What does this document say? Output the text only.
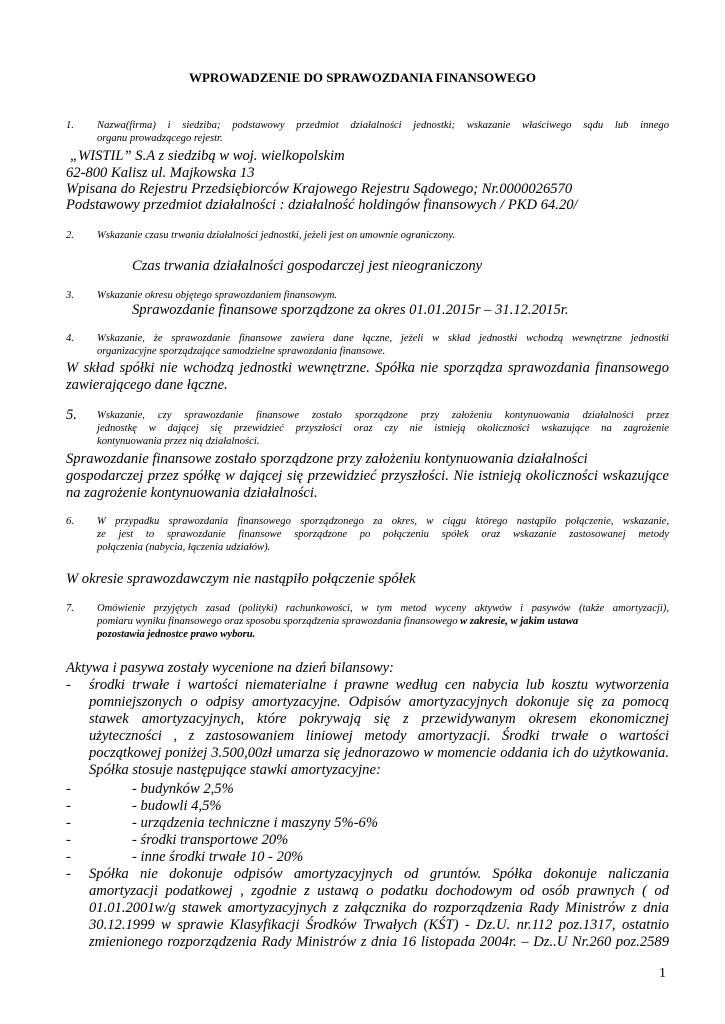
WPROWADZENIE DO SPRAWOZDANIA FINANSOWEGO
1. Nazwa(firma) i siedziba; podstawowy przedmiot działalności jednostki; wskazanie właściwego sądu lub innego
organu prowadzącego rejestr.
„WISTIL” S.A z siedzibą w woj. wielkopolskim
62-800 Kalisz ul. Majkowska 13
Wpisana do Rejestru Przedsiębiorców Krajowego Rejestru Sądowego; Nr.0000026570
Podstawowy przedmiot działalności : działalność holdingów finansowych / PKD 64.20/
2. Wskazanie czasu trwania działalności jednostki, jeżeli jest on umownie ograniczony.
Czas trwania działalności gospodarczej jest nieograniczony
3. Wskazanie okresu objętego sprawozdaniem finansowym.
Sprawozdanie finansowe sporządzone za okres 01.01.2015r – 31.12.2015r.
4. Wskazanie, że sprawozdanie finansowe zawiera dane łączne, jeżeli w skład jednostki wchodzą wewnętrzne jednostki
organizacyjne sporządzające samodzielne sprawozdania finansowe.
W skład spółki nie wchodzą jednostki wewnętrzne. Spółka nie sporządza sprawozdania finansowego
zawierającego dane łączne.
5. Wskazanie, czy sprawozdanie finansowe zostało sporządzone przy założeniu kontynuowania działalności przez
jednostkę w dającej się przewidzieć przyszłości oraz czy nie istnieją okoliczności wskazujące na zagrożenie
kontynuowania przez nią działalności.
Sprawozdanie finansowe zostało sporządzone przy założeniu kontynuowania działalności
gospodarczej przez spółkę w dającej się przewidzieć przyszłości. Nie istnieją okoliczności wskazujące
na zagrożenie kontynuowania działalności.
6. W przypadku sprawozdania finansowego sporządzonego za okres, w ciągu którego nastąpiło połączenie, wskazanie,
ze jest to sprawozdanie finansowe sporządzone po połączeniu spółek oraz wskazanie zastosowanej metody
połączenia (nabycia, łączenia udziałów).
W okresie sprawozdawczym nie nastąpiło połączenie spółek
7. Omówienie przyjętych zasad (polityki) rachunkowości, w tym metod wyceny aktywów i pasywów (także amortyzacji),
pomiaru wyniku finansowego oraz sposobu sporządzenia sprawozdania finansowego w zakresie, w jakim ustawa
pozostawia jednostce prawo wyboru.
Aktywa i pasywa zostały wycenione na dzień bilansowy:
- środki trwałe i wartości niematerialne i prawne według cen nabycia lub kosztu wytworzenia
pomniejszonych o odpisy amortyzacyjne. Odpisów amortyzacyjnych dokonuje się za pomocą
stawek amortyzacyjnych, które pokrywają się z przewidywanym okresem ekonomicznej
użyteczności , z zastosowaniem liniowej metody amortyzacji. Środki trwałe o wartości
początkowej poniżej 3.500,00zł umarza się jednorazowo w momencie oddania ich do użytkowania.
Spółka stosuje następujące stawki amortyzacyjne:
-	- budynków 2,5%
-	- budowli 4,5%
-	- urządzenia techniczne i maszyny 5%-6%
-	- środki transportowe 20%
-	- inne środki trwałe 10 - 20%
- Spółka nie dokonuje odpisów amortyzacyjnych od gruntów. Spółka dokonuje naliczania
amortyzacji podatkowej , zgodnie z ustawą o podatku dochodowym od osób prawnych ( od
01.01.2001w/g stawek amortyzacyjnych z załącznika do rozporządzenia Rady Ministrów z dnia
30.12.1999 w sprawie Klasyfikacji Środków Trwałych (KŚT) - Dz.U. nr.112 poz.1317, ostatnio
zmienionego rozporządzenia Rady Ministrów z dnia 16 listopada 2004r. – Dz..U Nr.260 poz.2589
1
